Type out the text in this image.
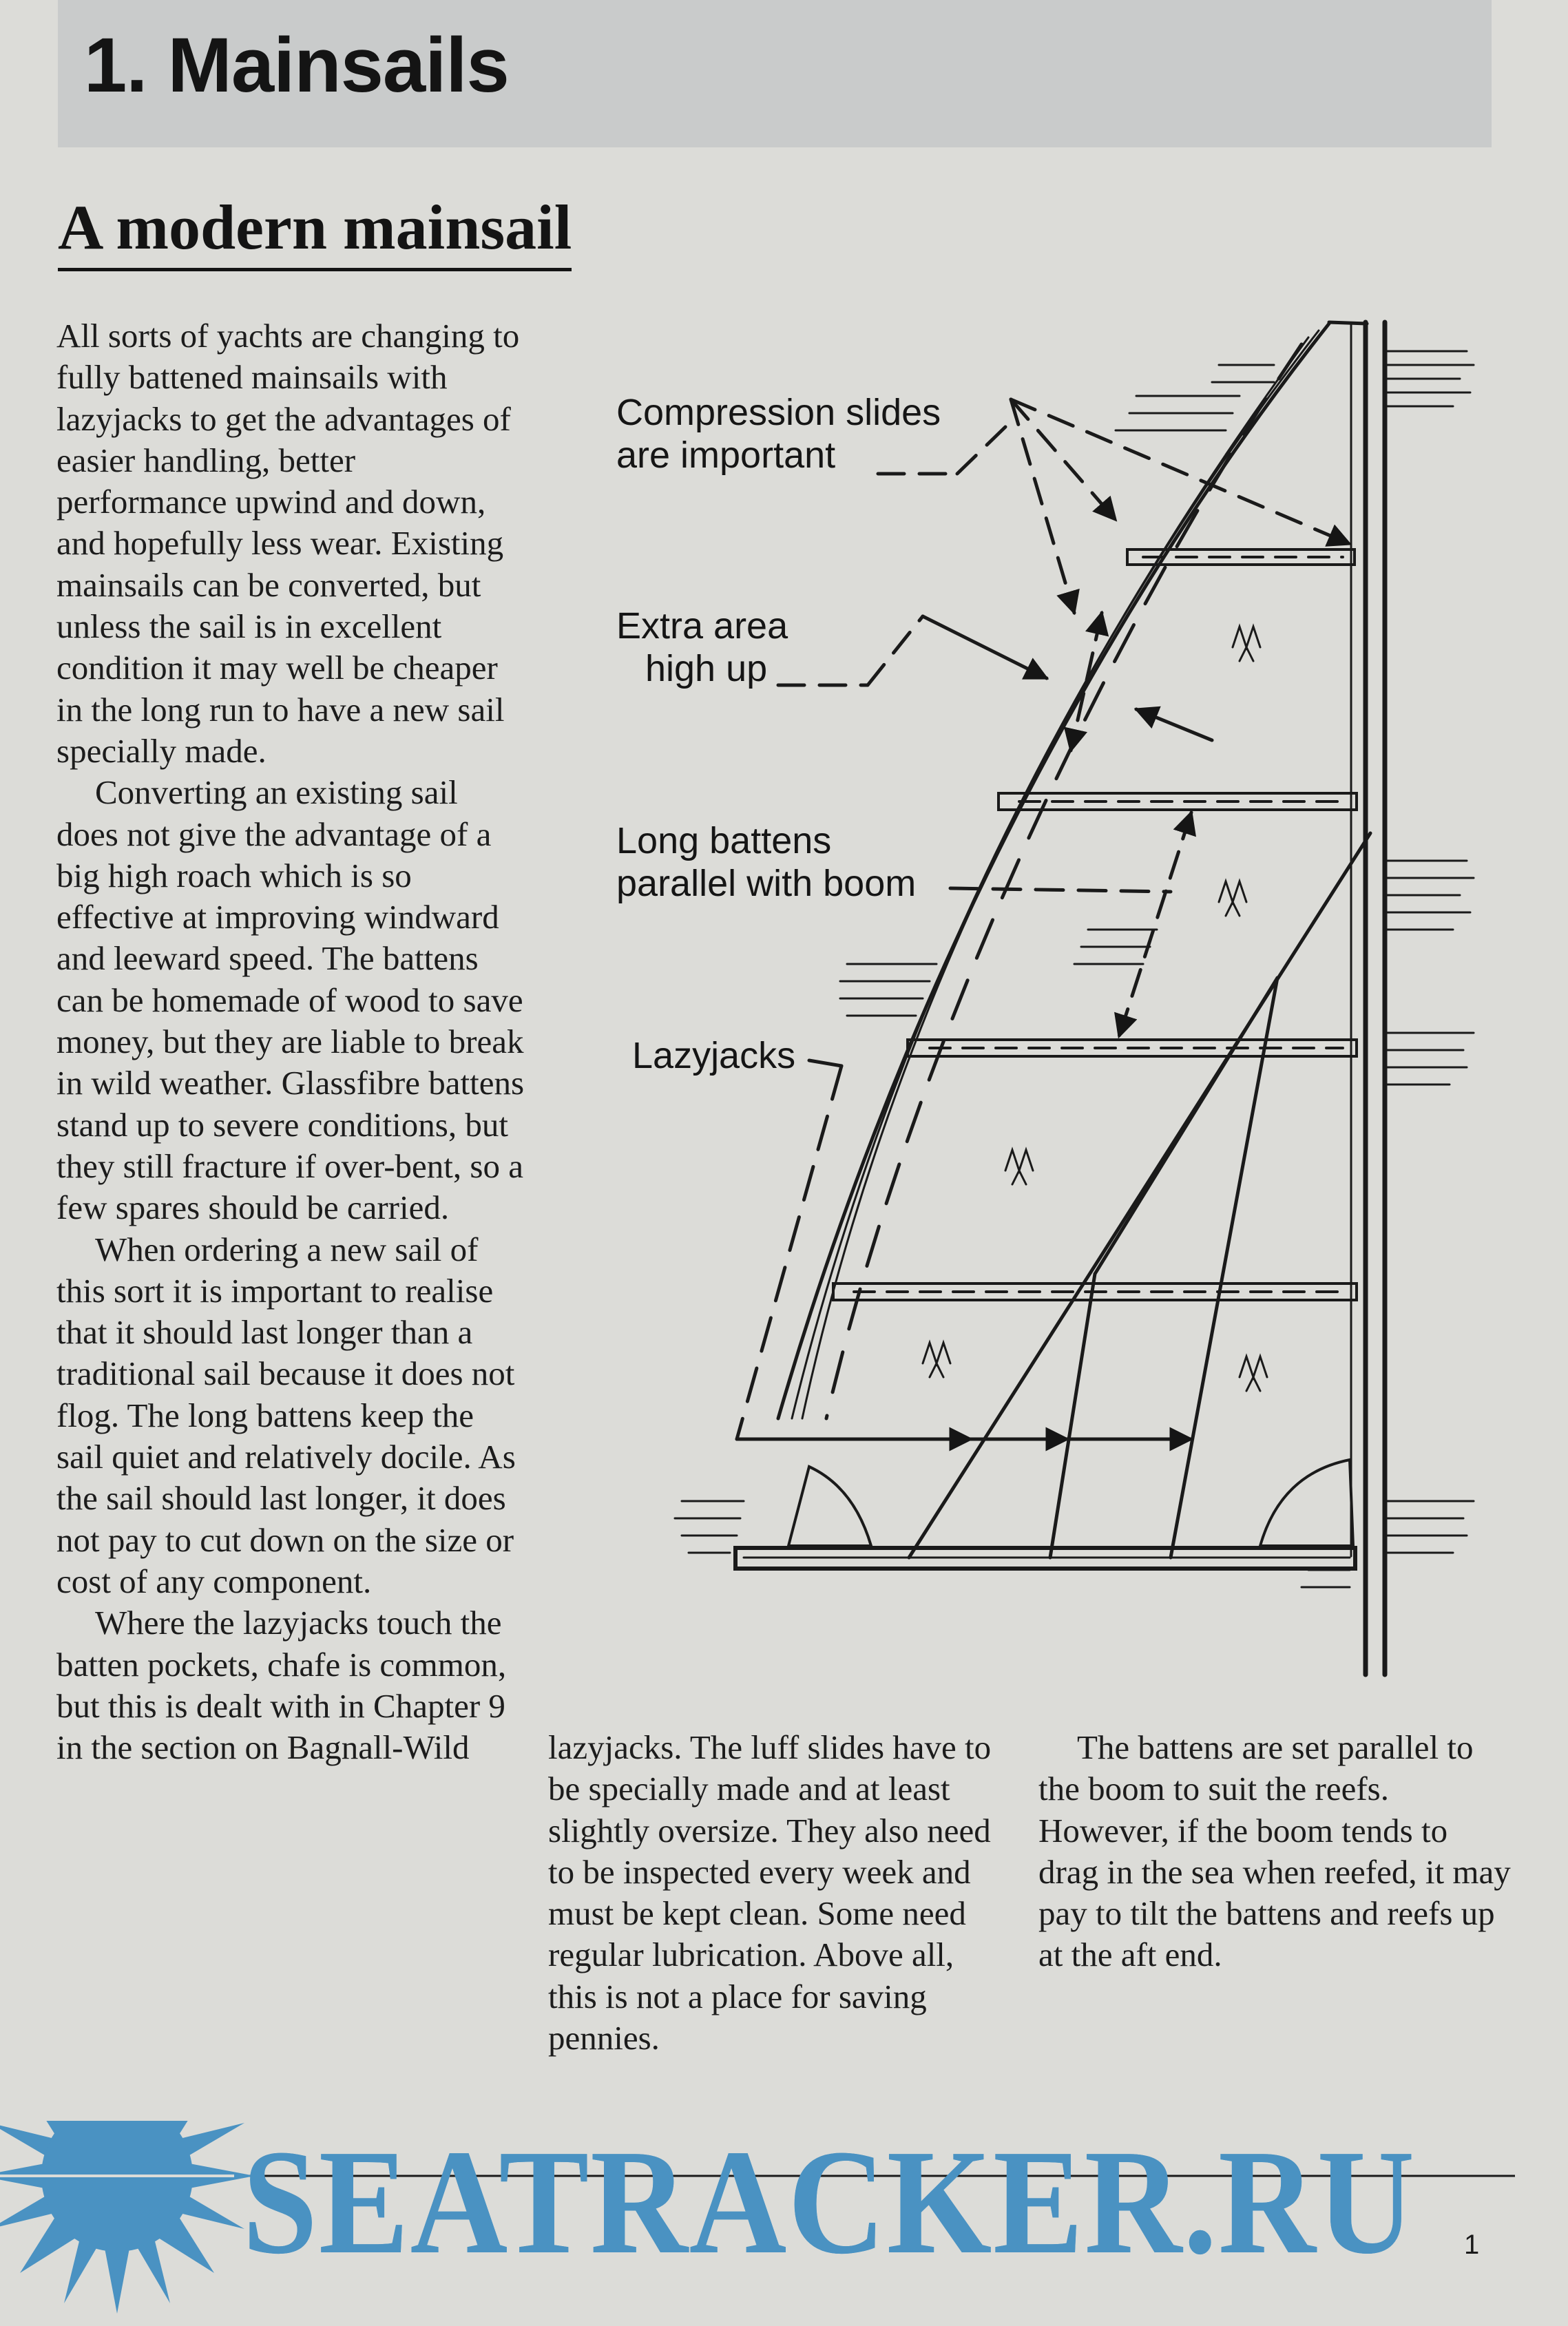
1. Mainsails
A modern mainsail

All sorts of yachts are changing to fully battened mainsails with lazyjacks to get the advantages of easier handling, better performance upwind and down, and hopefully less wear. Existing mainsails can be converted, but unless the sail is in excellent condition it may well be cheaper in the long run to have a new sail specially made.

Converting an existing sail does not give the advantage of a big high roach which is so effective at improving windward and leeward speed. The battens can be homemade of wood to save money, but they are liable to break in wild weather. Glassfibre battens stand up to severe conditions, but they still fracture if over-bent, so a few spares should be carried.

When ordering a new sail of this sort it is important to realise that it should last longer than a traditional sail because it does not flog. The long battens keep the sail quiet and relatively docile. As the sail should last longer, it does not pay to cut down on the size or cost of any component.

Where the lazyjacks touch the batten pockets, chafe is common, but this is dealt with in Chapter 9 in the section on Bagnall-Wild	lazyjacks. The luff slides have to be specially made and at least slightly oversize. They also need to be inspected every week and must be kept clean. Some need regular lubrication. Above all, this is not a place for saving pennies.

The battens are set parallel to the boom to suit the reefs. However, if the boom tends to drag in the sea when reefed, it may pay to tilt the battens and reefs up at the aft end.

Compression slides
are important
Extra area
high up
Long battens
parallel with boom
Lazyjacks
SEATRACKER.RU 1
